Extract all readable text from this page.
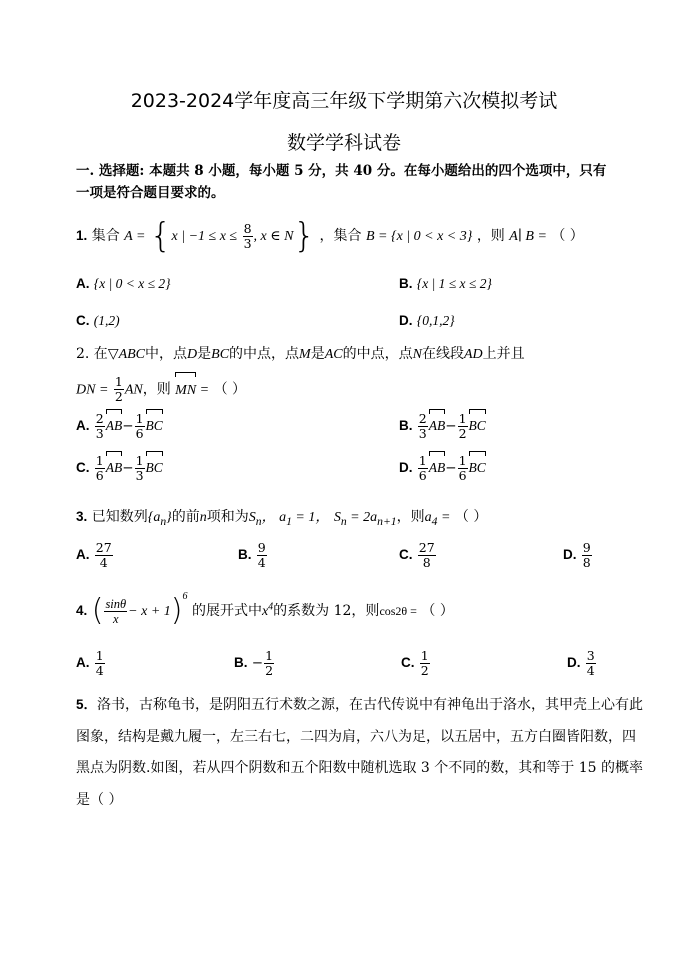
2023-2024学年度高三年级下学期第六次模拟考试
数学学科试卷
一. 选择题: 本题共 8 小题，每小题 5 分，共 40 分。在每小题给出的四个选项中，只有
一项是符合题目要求的。
1. 集合 A = {x | $-1 \le x \le \frac{8}{3}$ , x ∈ N} ，集合 B = {x | 0 < x < 3} ，则 A∣ B = （ ）
A. {x | 0 < x ≤ 2}	B. {x | 1 ≤ x ≤ 2}
C. (1,2)	D. {0,1,2}
2. 在▽ABC中，点D是BC的中点，点M是AC的中点，点N在线段AD上并且
DN = $\frac{1}{2}$ AN，则 MN = （ ）
A. $\frac{2}{3} AB- \frac{1}{6}$ BC	B. $\frac{2}{3} AB- \frac{1}{2}$ BC
C. $\frac{1}{6} AB- \frac{1}{3}$ BC	D. $\frac{1}{6} AB- \frac{1}{6}$ BC
3. 已知数列$\{a_n\}$的前n项和为$S_n$， $a_1 = 1$， $S_n = 2a_{n+1}$，则$a_4$ = （ ）
A. $\frac{27}{4}$	B. $\frac{9}{4}$	C. $\frac{27}{8}$	D. $\frac{9}{8}$
4. ( $\frac{\sin\theta}{x} - x + 1)^6$ 的展开式中$x^4$的系数为 12，则cos2θ = （ ）
A. $\frac{1}{4}$	B. − $\frac{1}{2}$	C. $\frac{1}{2}$	D. $\frac{3}{4}$
5．洛书，古称龟书，是阴阳五行术数之源，在古代传说中有神龟出于洛水，其甲壳上心有此图象，结构是戴九履一，左三右七，二四为肩，六八为足，以五居中，五方白圈皆阳数，四黑点为阴数.如图，若从四个阴数和五个阳数中随机选取 3 个不同的数，其和等于 15 的概率是（ ）
